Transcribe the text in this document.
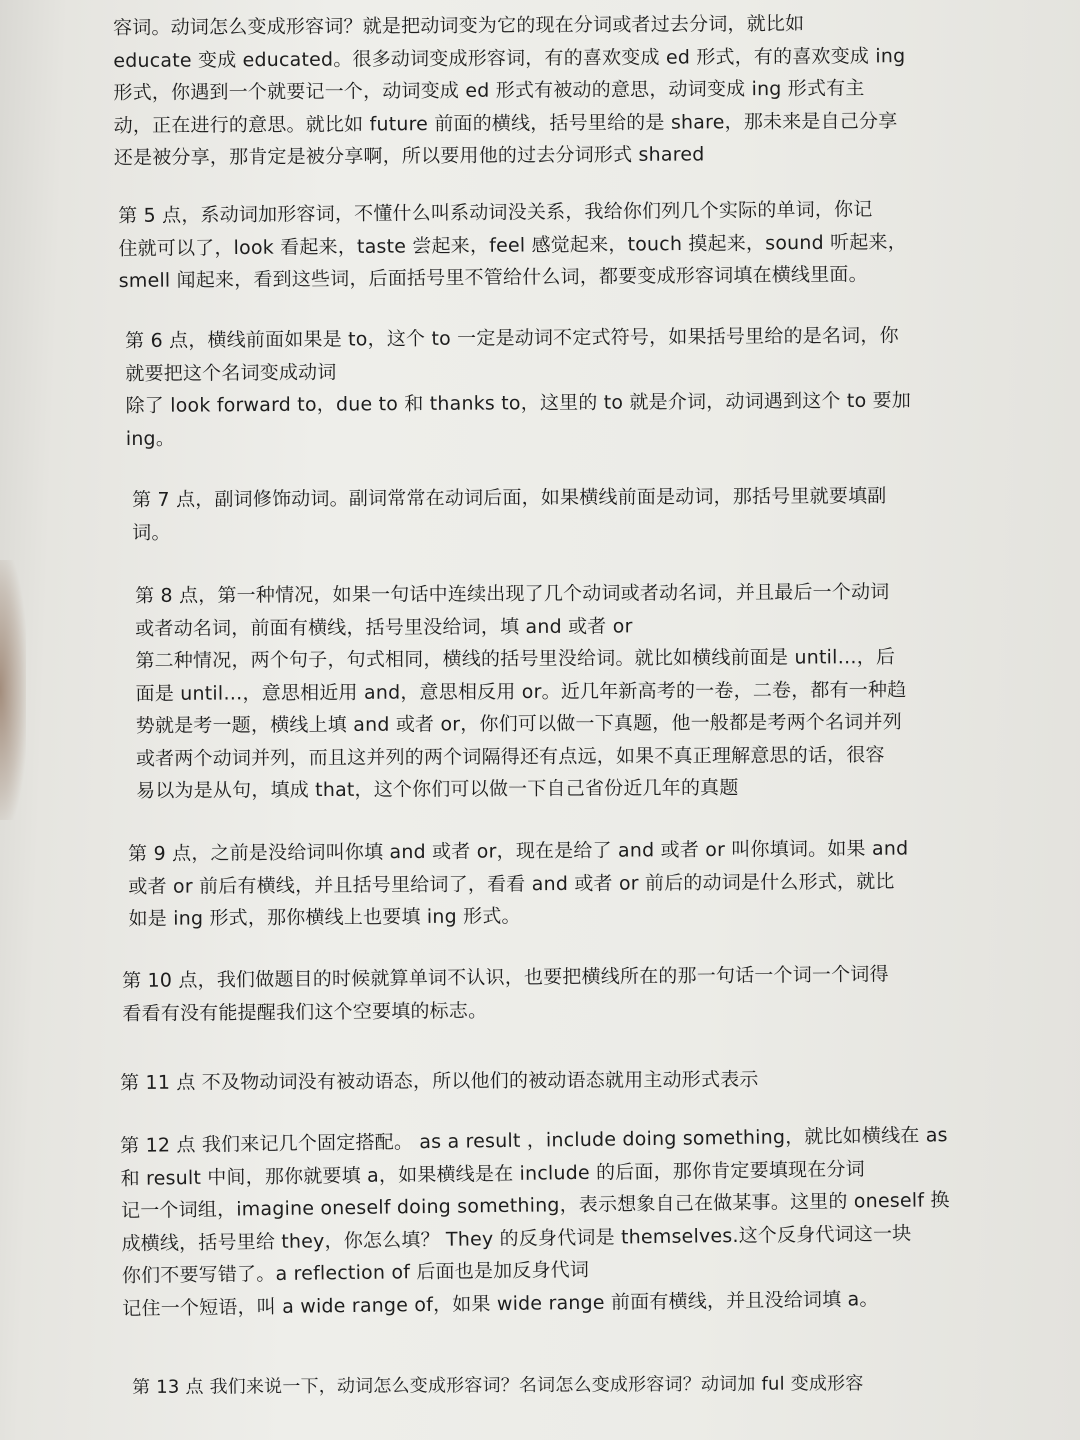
容词。动词怎么变成形容词？就是把动词变为它的现在分词或者过去分词，就比如
educate 变成 educated。很多动词变成形容词，有的喜欢变成 ed 形式，有的喜欢变成 ing
形式，你遇到一个就要记一个，动词变成 ed 形式有被动的意思，动词变成 ing 形式有主
动，正在进行的意思。就比如 future 前面的横线，括号里给的是 share，那未来是自己分享
还是被分享，那肯定是被分享啊，所以要用他的过去分词形式 shared
第 5 点，系动词加形容词，不懂什么叫系动词没关系，我给你们列几个实际的单词，你记
住就可以了，look 看起来，taste 尝起来，feel 感觉起来，touch 摸起来，sound 听起来，
smell 闻起来，看到这些词，后面括号里不管给什么词，都要变成形容词填在横线里面。
第 6 点，横线前面如果是 to，这个 to 一定是动词不定式符号，如果括号里给的是名词，你
就要把这个名词变成动词
除了 look forward to，due to 和 thanks to，这里的 to 就是介词，动词遇到这个 to 要加
ing。
第 7 点，副词修饰动词。副词常常在动词后面，如果横线前面是动词，那括号里就要填副
词。
第 8 点，第一种情况，如果一句话中连续出现了几个动词或者动名词，并且最后一个动词
或者动名词，前面有横线，括号里没给词，填 and 或者 or
第二种情况，两个句子，句式相同，横线的括号里没给词。就比如横线前面是 until…，后
面是 until…，意思相近用 and，意思相反用 or。近几年新高考的一卷，二卷，都有一种趋
势就是考一题，横线上填 and 或者 or，你们可以做一下真题，他一般都是考两个名词并列
或者两个动词并列，而且这并列的两个词隔得还有点远，如果不真正理解意思的话，很容
易以为是从句，填成 that，这个你们可以做一下自己省份近几年的真题
第 9 点，之前是没给词叫你填 and 或者 or，现在是给了 and 或者 or 叫你填词。如果 and
或者 or 前后有横线，并且括号里给词了，看看 and 或者 or 前后的动词是什么形式，就比
如是 ing 形式，那你横线上也要填 ing 形式。
第 10 点，我们做题目的时候就算单词不认识，也要把横线所在的那一句话一个词一个词得
看看有没有能提醒我们这个空要填的标志。
第 11 点 不及物动词没有被动语态，所以他们的被动语态就用主动形式表示
第 12 点 我们来记几个固定搭配。 as a result ，include doing something，就比如横线在 as
和 result 中间，那你就要填 a，如果横线是在 include 的后面，那你肯定要填现在分词
记一个词组，imagine oneself doing something，表示想象自己在做某事。这里的 oneself 换
成横线，括号里给 they，你怎么填？ They 的反身代词是 themselves.这个反身代词这一块
你们不要写错了。a reflection of 后面也是加反身代词
记住一个短语，叫 a wide range of，如果 wide range 前面有横线，并且没给词填 a。
第 13 点 我们来说一下，动词怎么变成形容词？名词怎么变成形容词？动词加 ful 变成形容
